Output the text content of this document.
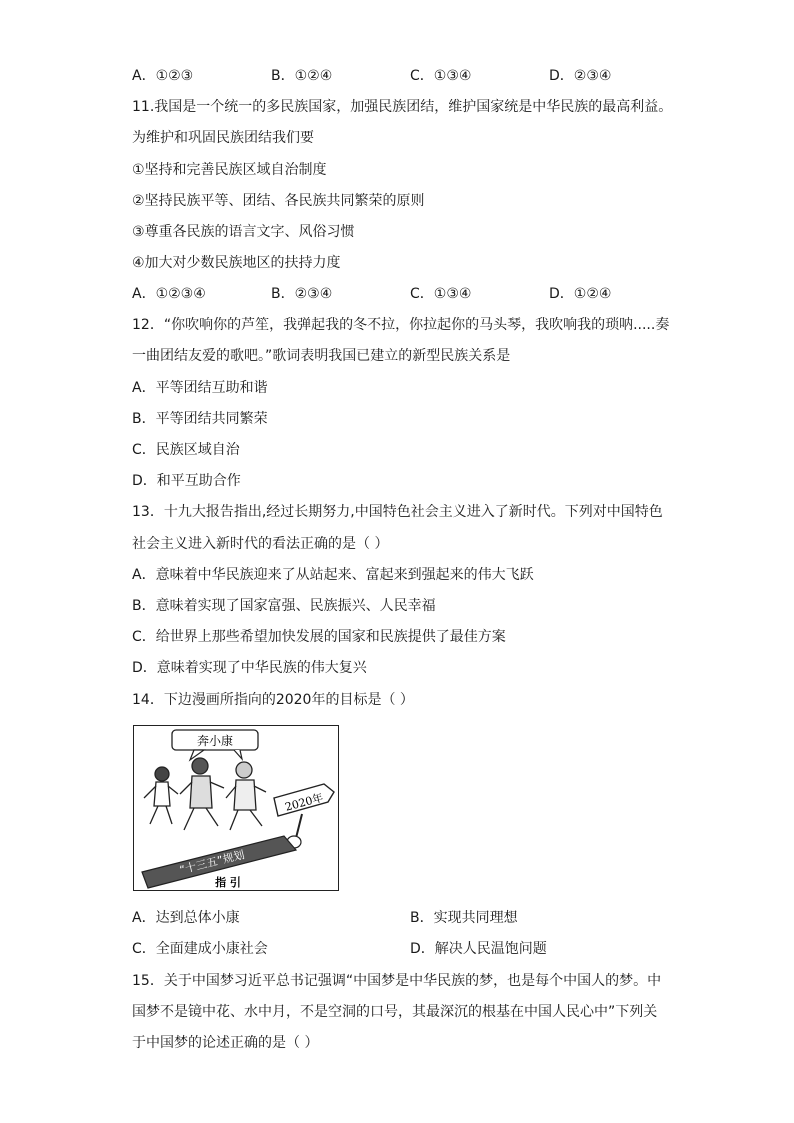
A．①②③	B．①②④	C．①③④	D．②③④
11.我国是一个统一的多民族国家，加强民族团结，维护国家统是中华民族的最高利益。
为维护和巩固民族团结我们要
①坚持和完善民族区域自治制度
②坚持民族平等、团结、各民族共同繁荣的原则
③尊重各民族的语言文字、风俗习惯
④加大对少数民族地区的扶持力度
A．①②③④	B．②③④	C．①③④	D．①②④
12．“你吹响你的芦笙，我弹起我的冬不拉，你拉起你的马头琴，我吹响我的琐呐.....奏
一曲团结友爱的歌吧。”歌词表明我国已建立的新型民族关系是
A．平等团结互助和谐
B．平等团结共同繁荣
C．民族区域自治
D．和平互助合作
13．十九大报告指出,经过长期努力,中国特色社会主义进入了新时代。下列对中国特色
社会主义进入新时代的看法正确的是（ ）
A．意味着中华民族迎来了从站起来、富起来到强起来的伟大飞跃
B．意味着实现了国家富强、民族振兴、人民幸福
C．给世界上那些希望加快发展的国家和民族提供了最佳方案
D．意味着实现了中华民族的伟大复兴
14．下边漫画所指向的2020年的目标是（ ）
奔小康
2020年
“十三五”规划
指 引
A．达到总体小康	B．实现共同理想
C．全面建成小康社会	D．解决人民温饱问题
15．关于中国梦习近平总书记强调“中国梦是中华民族的梦，也是每个中国人的梦。中
国梦不是镜中花、水中月，不是空洞的口号，其最深沉的根基在中国人民心中”下列关
于中国梦的论述正确的是（ ）
